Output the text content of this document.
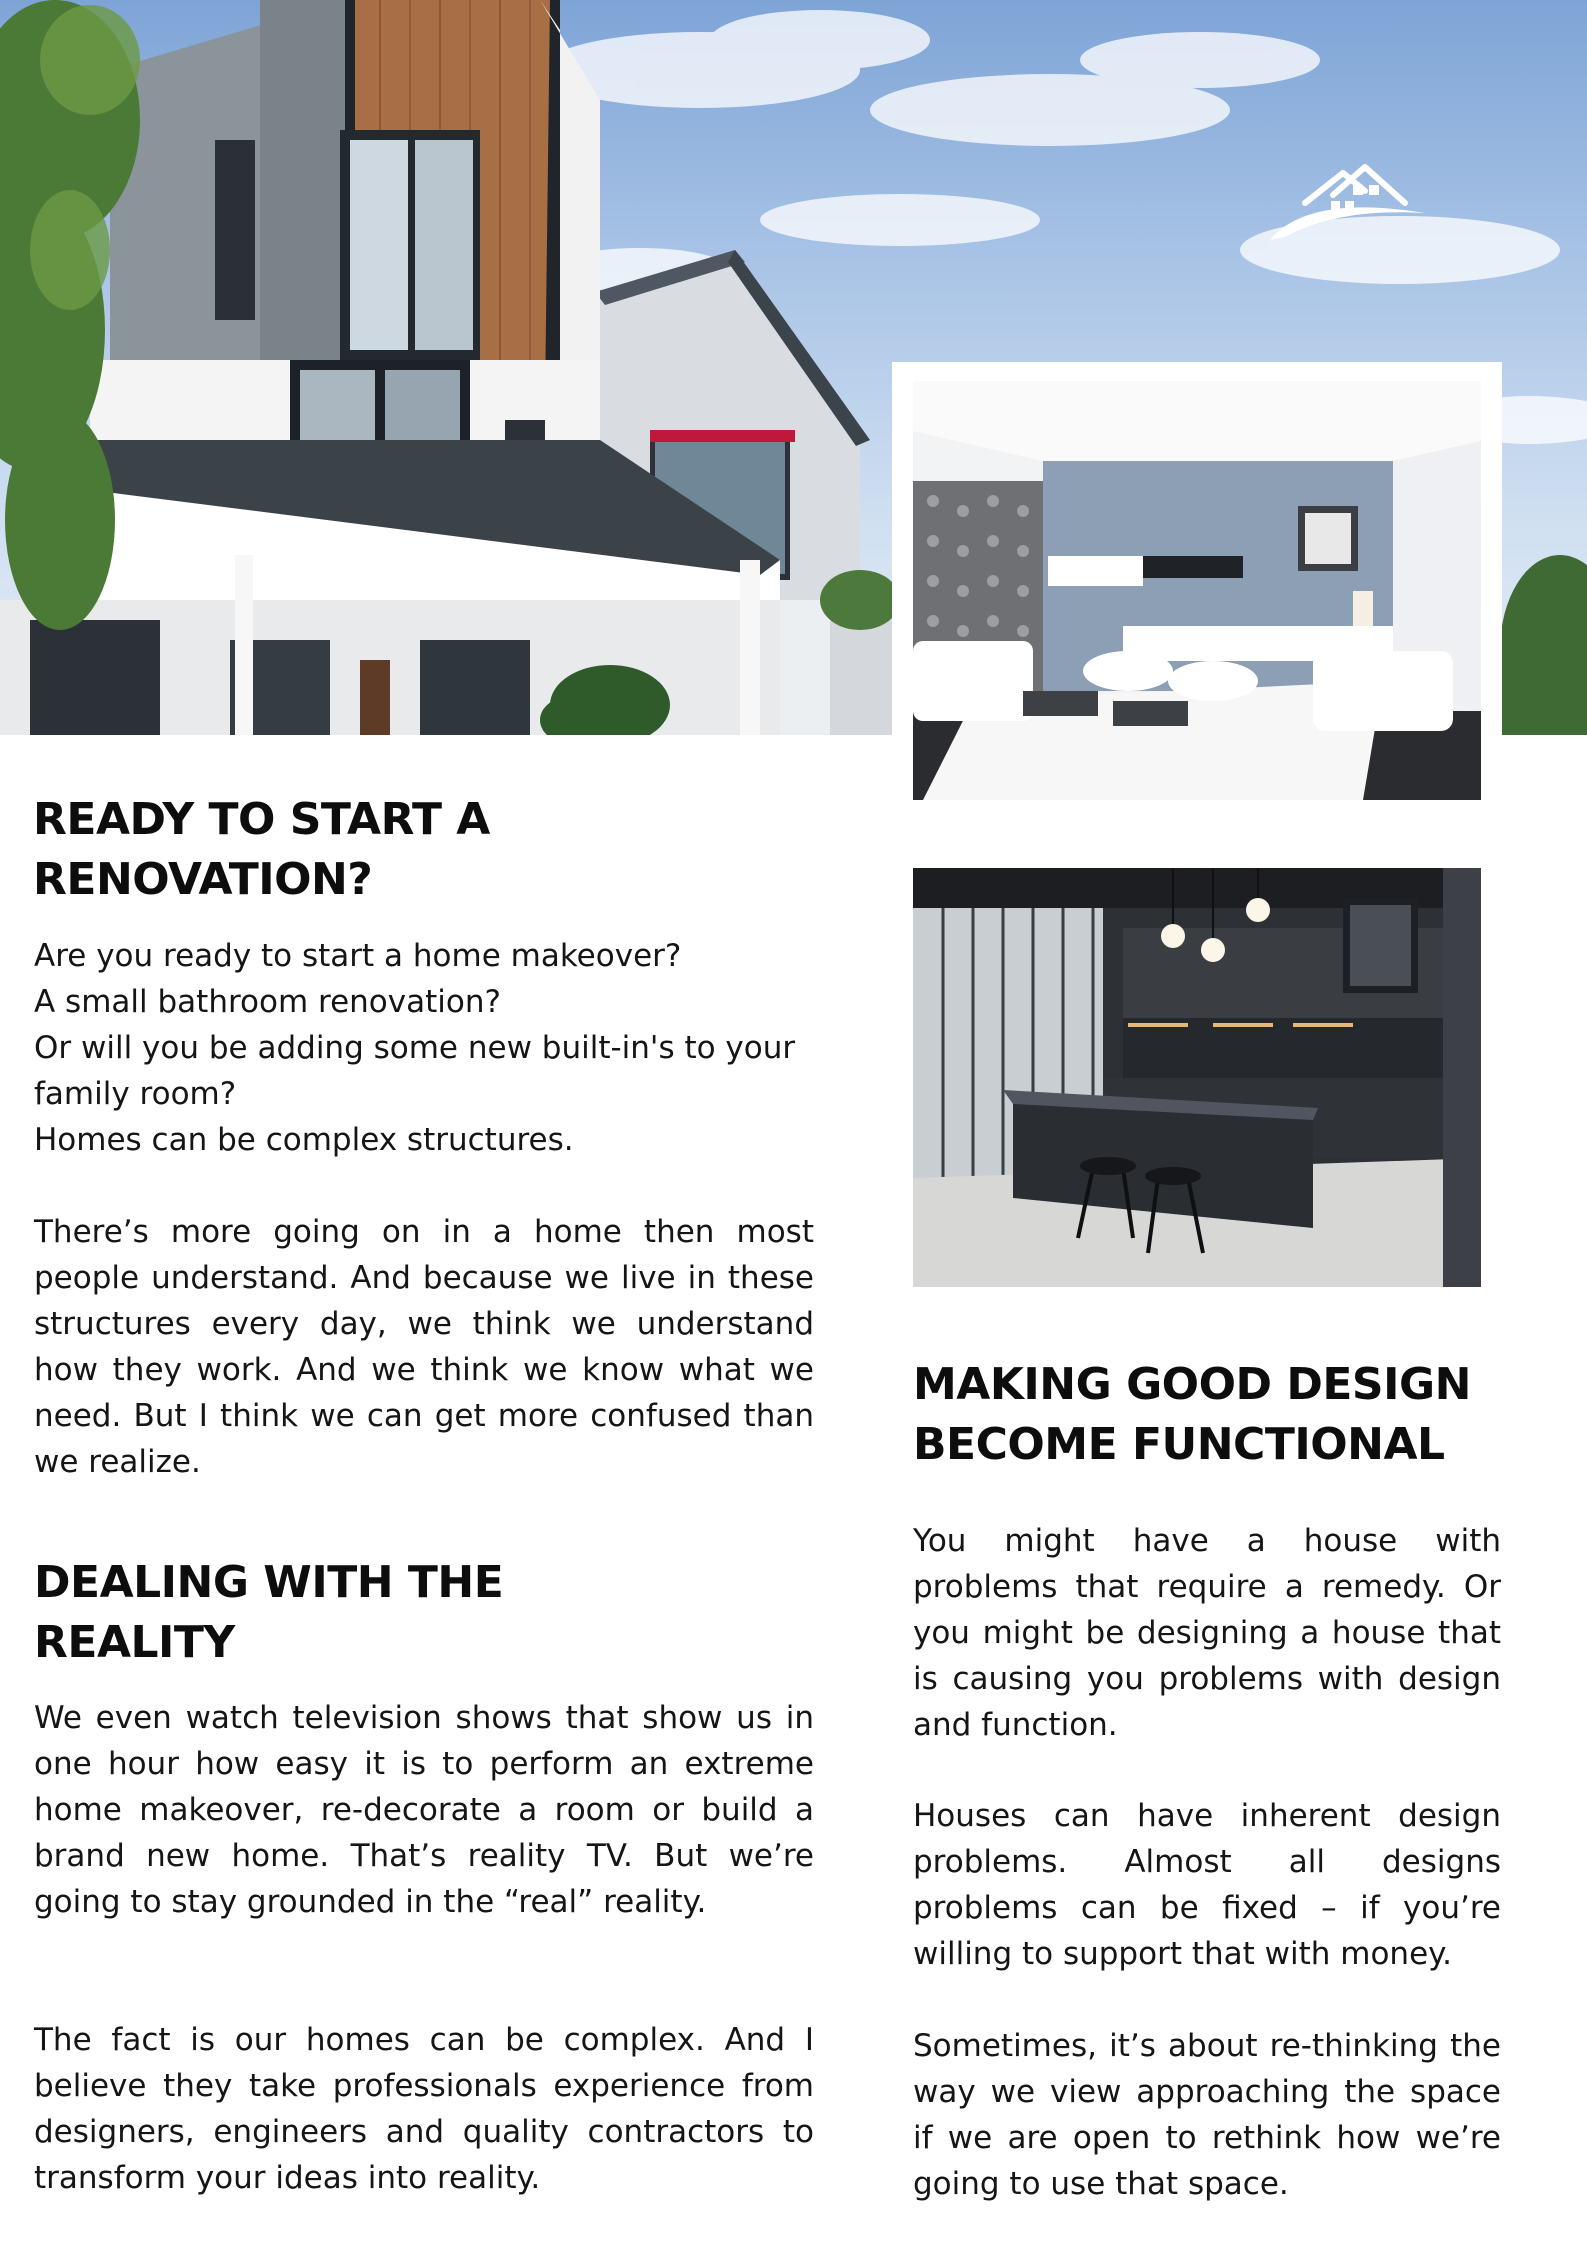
READY TO START A
RENOVATION?

Are you ready to start a home makeover?
A small bathroom renovation?
Or will you be adding some new built-in's to your family room?
Homes can be complex structures.

There’s more going on in a home then most people understand. And because we live in these structures every day, we think we understand how they work. And we think we know what we need. But I think we can get more confused than we realize.

DEALING WITH THE
REALITY

We even watch television shows that show us in one hour how easy it is to perform an extreme home makeover, re-decorate a room or build a brand new home. That’s reality TV. But we’re going to stay grounded in the “real” reality.

The fact is our homes can be complex. And I believe they take professionals experience from designers, engineers and quality contractors to transform your ideas into reality.

MAKING GOOD DESIGN
BECOME FUNCTIONAL

You might have a house with problems that require a remedy. Or you might be designing a house that is causing you problems with design and function.

Houses can have inherent design problems. Almost all designs problems can be fixed – if you’re willing to support that with money.

Sometimes, it’s about re-thinking the way we view approaching the space if we are open to rethink how we’re going to use that space.
